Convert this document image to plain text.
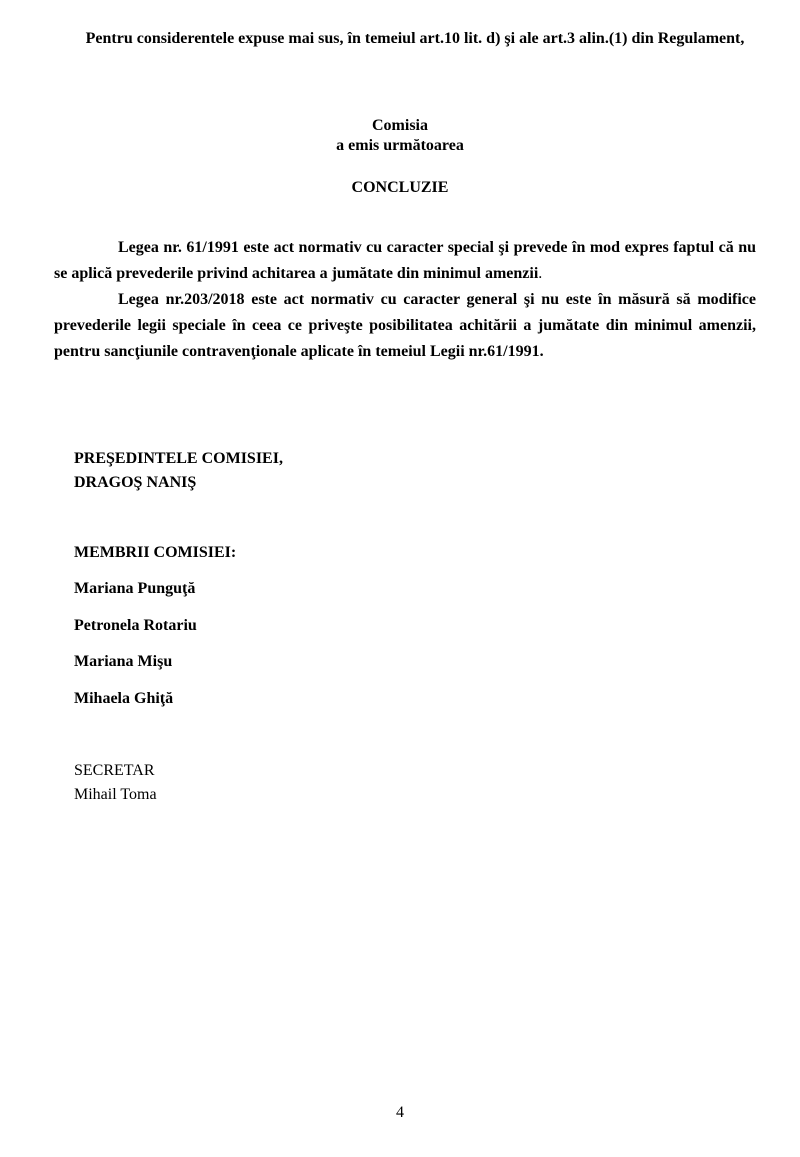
Pentru considerentele expuse mai sus, în temeiul art.10 lit. d) şi ale art.3 alin.(1) din Regulament,
Comisia
a emis următoarea
CONCLUZIE
Legea nr. 61/1991 este act normativ cu caracter special şi prevede în mod expres faptul că nu se aplică prevederile privind achitarea a jumătate din minimul amenzii.
Legea nr.203/2018 este act normativ cu caracter general şi nu este în măsură să modifice prevederile legii speciale în ceea ce priveşte posibilitatea achitării a jumătate din minimul amenzii, pentru sancţiunile contravenţionale aplicate în temeiul Legii nr.61/1991.
PREŞEDINTELE COMISIEI,
DRAGOŞ NANIŞ
MEMBRII COMISIEI:
Mariana Punguţă
Petronela Rotariu
Mariana Mişu
Mihaela Ghiţă
SECRETAR
Mihail Toma
4
